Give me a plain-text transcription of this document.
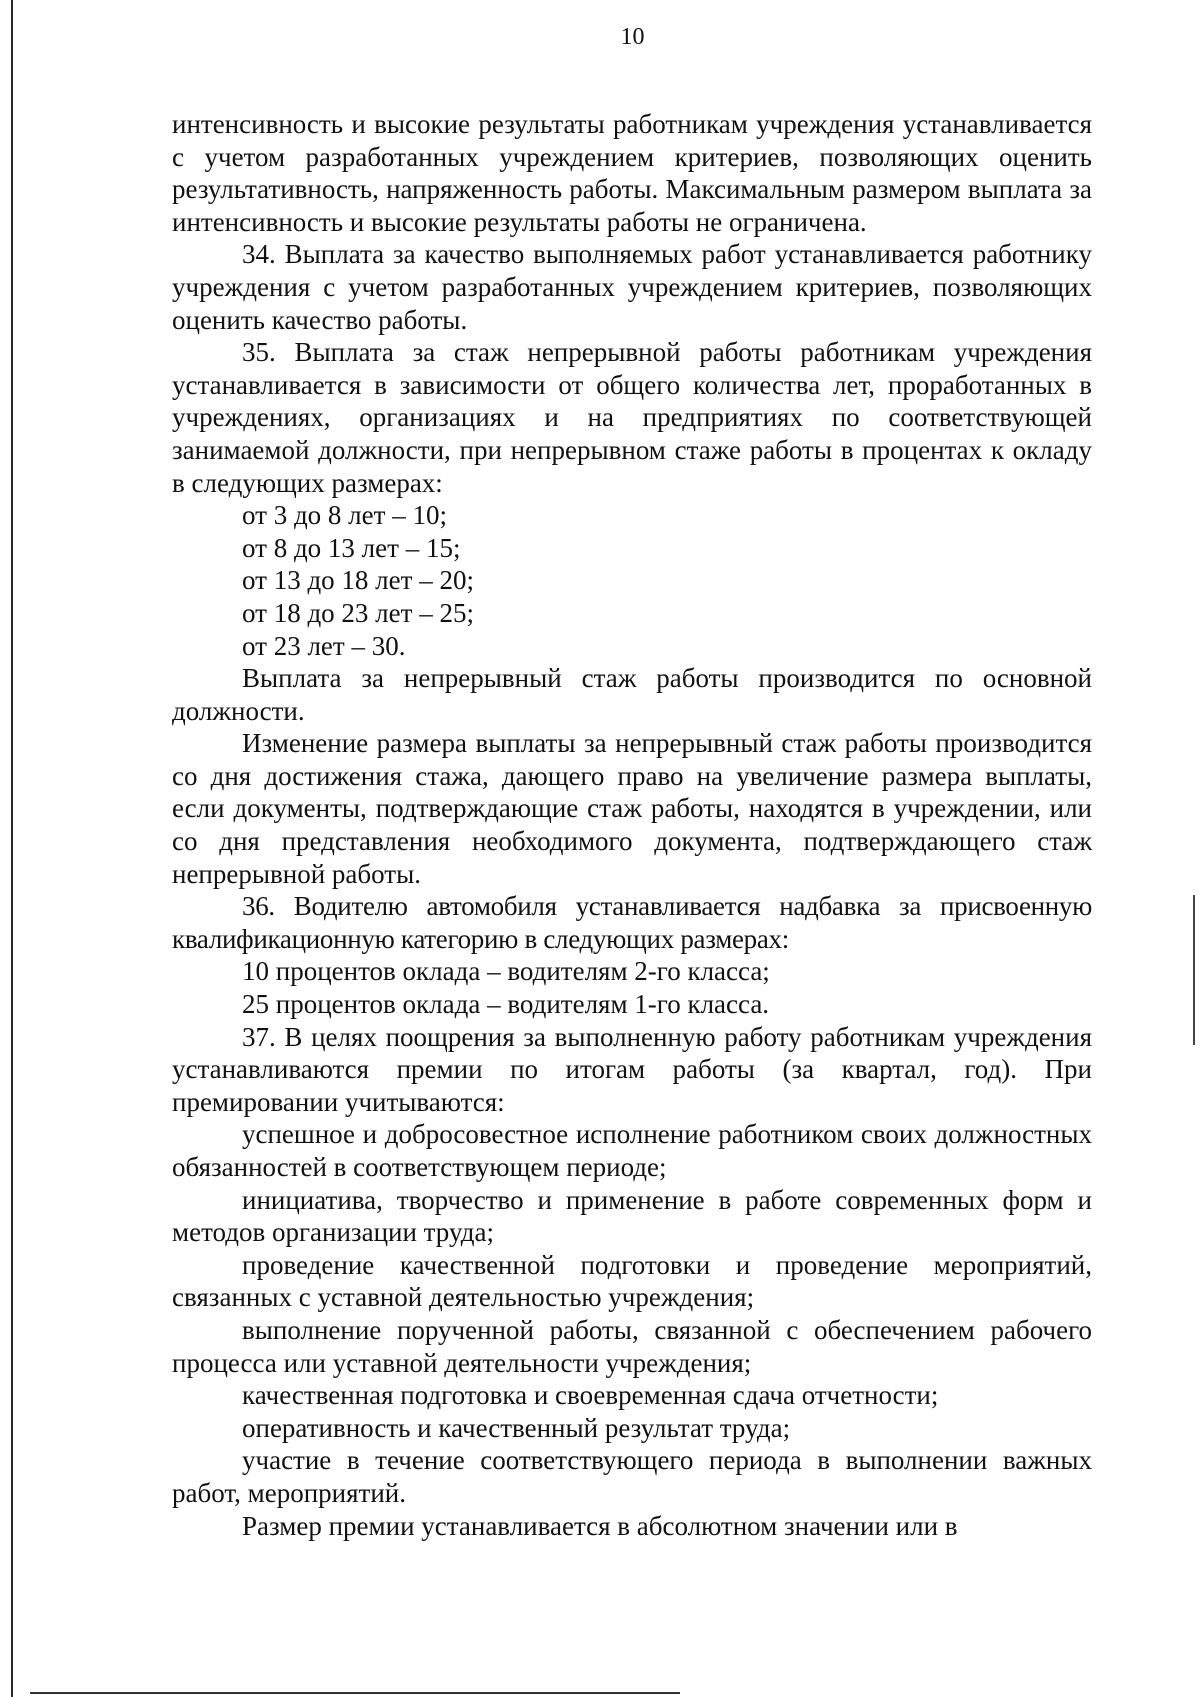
10

интенсивность и высокие результаты работникам учреждения устанавливается с учетом разработанных учреждением критериев, позволяющих оценить результативность, напряженность работы. Максимальным размером выплата за интенсивность и высокие результаты работы не ограничена.

34. Выплата за качество выполняемых работ устанавливается работнику учреждения с учетом разработанных учреждением критериев, позволяющих оценить качество работы.

35. Выплата за стаж непрерывной работы работникам учреждения устанавливается в зависимости от общего количества лет, проработанных в учреждениях, организациях и на предприятиях по соответствующей занимаемой должности, при непрерывном стаже работы в процентах к окладу в следующих размерах:

от 3 до 8 лет – 10;

от 8 до 13 лет – 15;

от 13 до 18 лет – 20;

от 18 до 23 лет – 25;

от 23 лет – 30.

Выплата за непрерывный стаж работы производится по основной должности.

Изменение размера выплаты за непрерывный стаж работы производится со дня достижения стажа, дающего право на увеличение размера выплаты, если документы, подтверждающие стаж работы, находятся в учреждении, или со дня представления необходимого документа, подтверждающего стаж непрерывной работы.

36. Водителю автомобиля устанавливается надбавка за присвоенную квалификационную категорию в следующих размерах:

10 процентов оклада – водителям 2-го класса;

25 процентов оклада – водителям 1-го класса.

37. В целях поощрения за выполненную работу работникам учреждения устанавливаются премии по итогам работы (за квартал, год). При премировании учитываются:

успешное и добросовестное исполнение работником своих должностных обязанностей в соответствующем периоде;

инициатива, творчество и применение в работе современных форм и методов организации труда;

проведение качественной подготовки и проведение мероприятий, связанных с уставной деятельностью учреждения;

выполнение порученной работы, связанной с обеспечением рабочего процесса или уставной деятельности учреждения;

качественная подготовка и своевременная сдача отчетности;

оперативность и качественный результат труда;

участие в течение соответствующего периода в выполнении важных работ, мероприятий.

Размер премии устанавливается в абсолютном значении или в
